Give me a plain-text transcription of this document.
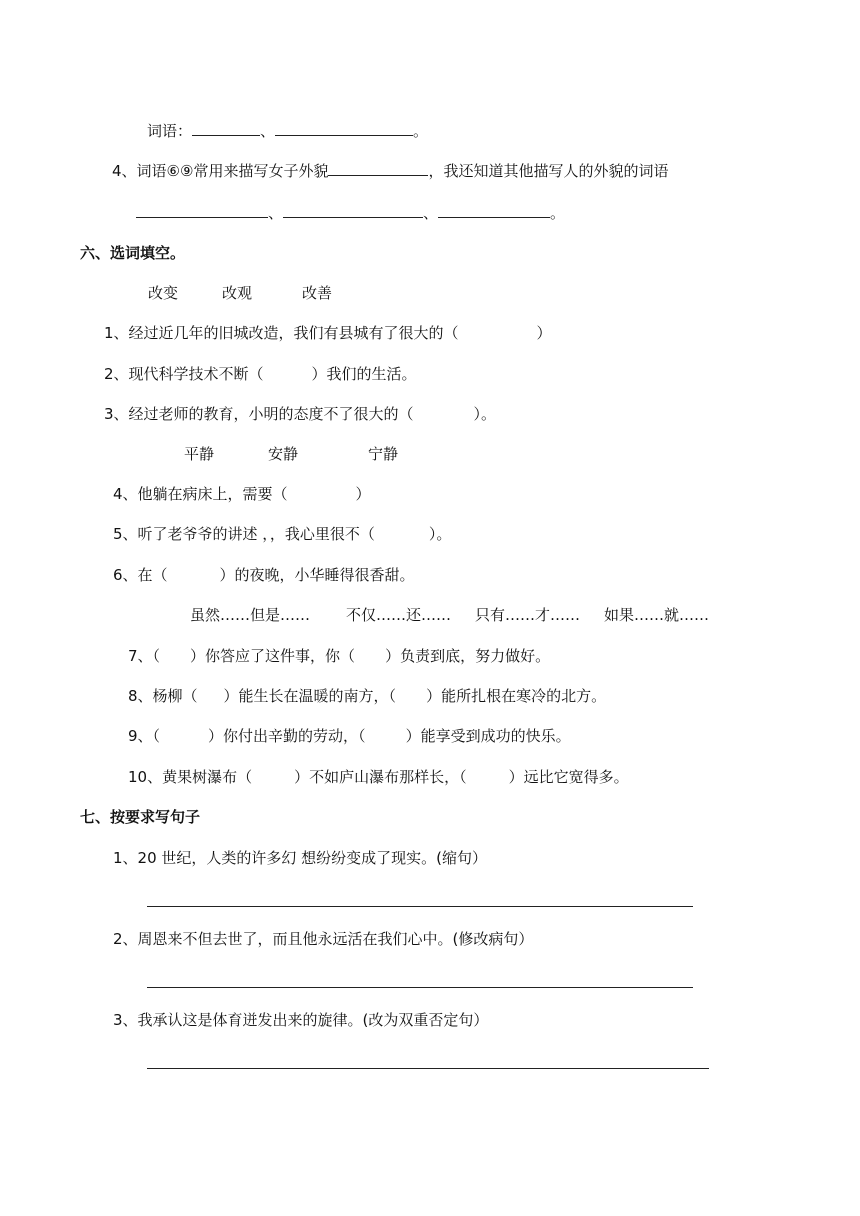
词语：	、	。
4、词语⑥⑨常用来描写女子外貌	，我还知道其他描写人的外貌的词语
、	、	。
六、选词填空。
改变	改观	改善
1、经过近几年的旧城改造，我们有县城有了很大的（	）
2、现代科学技术不断（	）我们的生活。
3、经过老师的教育，小明的态度不了很大的（	）。
平静	安静	宁静
4、他躺在病床上，需要（	）
5、听了老爷爷的讲述 ，，我心里很不（	）。
6、在（	）的夜晚，小华睡得很香甜。
虽然……但是…… 不仅……还…… 只有……才…… 如果……就……
7、（ ）你答应了这件事，你（ ）负责到底，努力做好。
8、杨柳（ ）能生长在温暖的南方，（ ）能所扎根在寒冷的北方。
9、（	）你付出辛勤的劳动，（	）能享受到成功的快乐。
10、黄果树瀑布（	）不如庐山瀑布那样长，（	）远比它宽得多。
七、按要求写句子
1、20 世纪，人类的许多幻 想纷纷变成了现实。(缩句）
2、周恩来不但去世了，而且他永远活在我们心中。(修改病句）
3、我承认这是体育迸发出来的旋律。(改为双重否定句）
